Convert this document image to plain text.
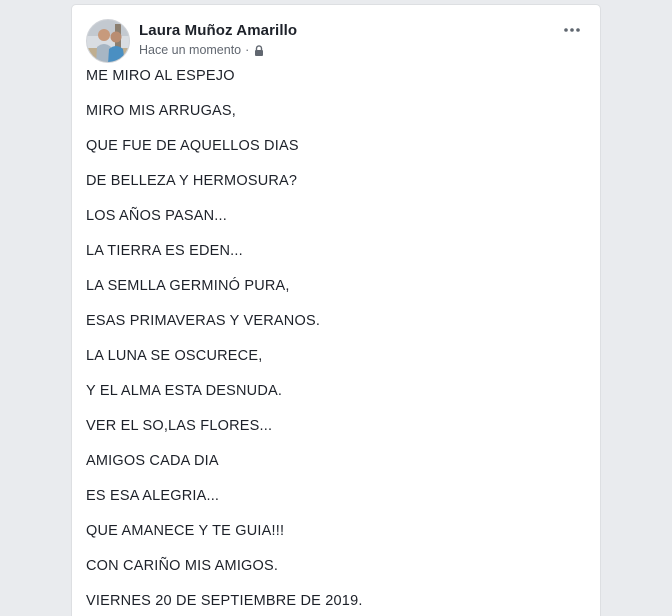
Laura Muñoz Amarillo
Hace un momento ·
ME MIRO AL ESPEJO
MIRO MIS ARRUGAS,
QUE FUE DE AQUELLOS DIAS
DE BELLEZA Y HERMOSURA?
LOS AÑOS PASAN...
LA TIERRA ES EDEN...
LA SEMLLA GERMINÓ PURA,
ESAS PRIMAVERAS Y VERANOS.
LA LUNA SE OSCURECE,
Y EL ALMA ESTA DESNUDA.
VER EL SO,LAS FLORES...
AMIGOS CADA DIA
ES ESA ALEGRIA...
QUE AMANECE Y TE GUIA!!!
CON CARIÑO MIS AMIGOS.
VIERNES 20 DE SEPTIEMBRE DE 2019.
